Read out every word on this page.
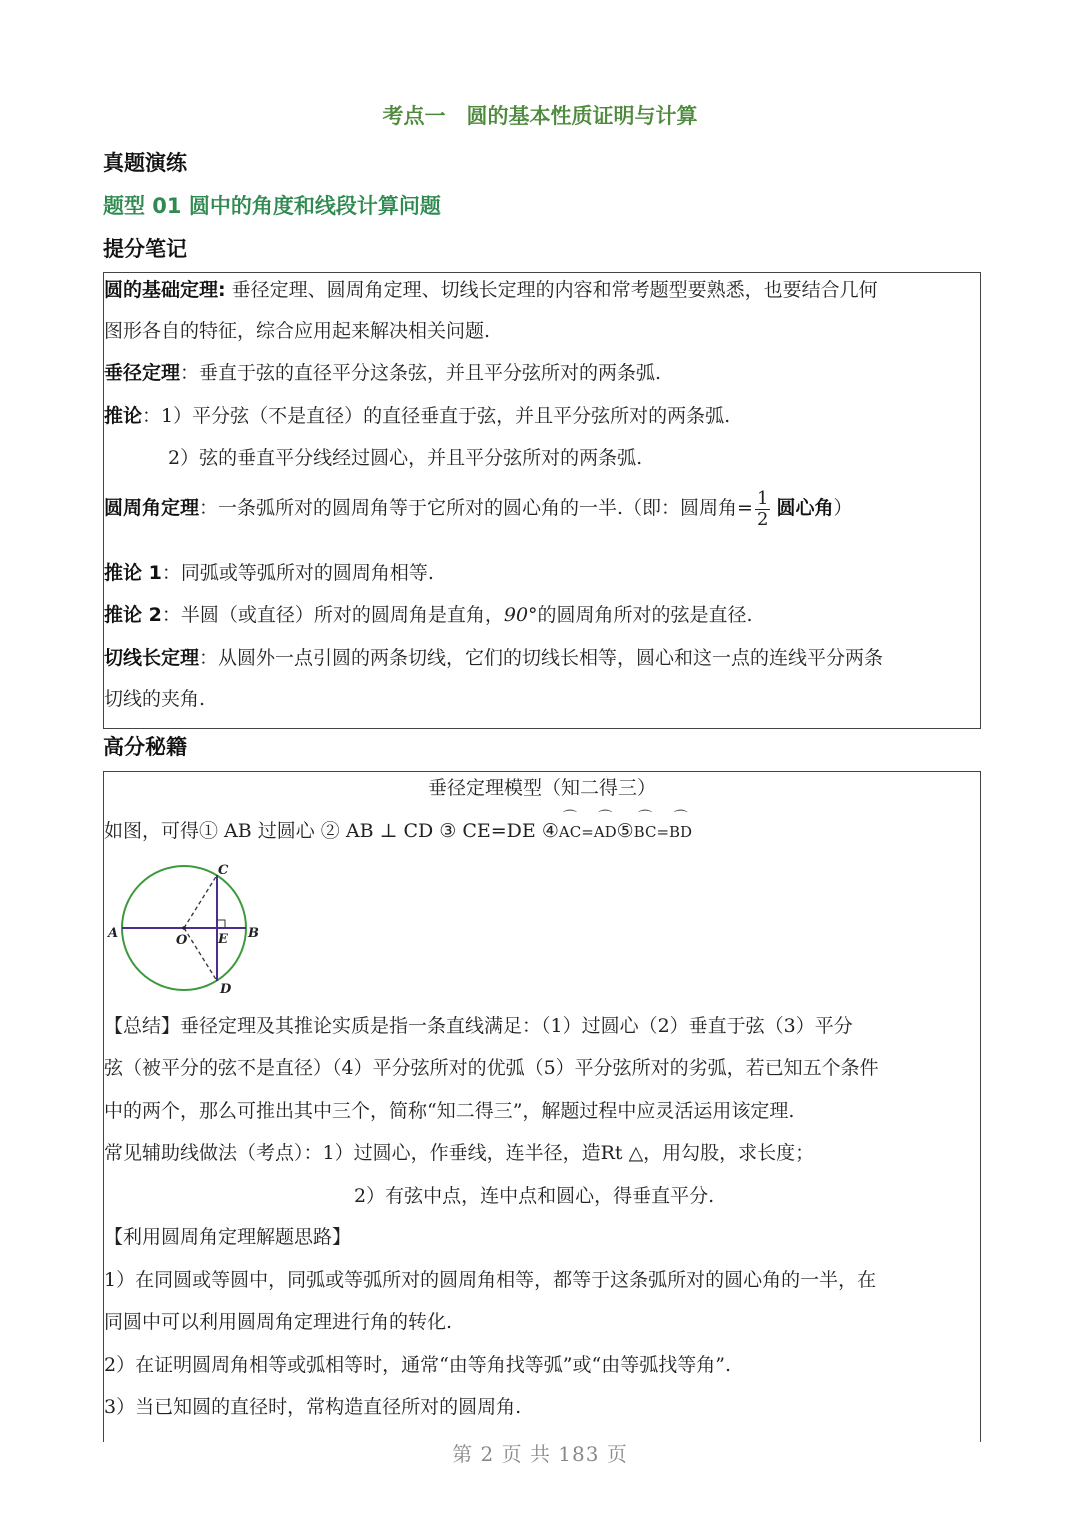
考点一　圆的基本性质证明与计算
真题演练
题型 01 圆中的角度和线段计算问题
提分笔记
圆的基础定理: 垂径定理、圆周角定理、切线长定理的内容和常考题型要熟悉，也要结合几何
图形各自的特征，综合应用起来解决相关问题.
垂径定理：垂直于弦的直径平分这条弦，并且平分弦所对的两条弧.
推论：1）平分弦（不是直径）的直径垂直于弦，并且平分弦所对的两条弧.
2）弦的垂直平分线经过圆心，并且平分弦所对的两条弧.
圆周角定理：一条弧所对的圆周角等于它所对的圆心角的一半.（即：圆周角= $\frac{1}{2}$ 圆心角）
推论 1：同弧或等弧所对的圆周角相等.
推论 2：半圆（或直径）所对的圆周角是直角，90°的圆周角所对的弦是直径.
切线长定理：从圆外一点引圆的两条切线，它们的切线长相等，圆心和这一点的连线平分两条
切线的夹角.
高分秘籍
垂径定理模型（知二得三）
如图，可得① AB 过圆心 ② AB ⊥ CD ③ CE=DE ④⌒ AC=⌒ AD⑤⌒ BC=⌒ BD
A	B
C
D
O E
【总结】垂径定理及其推论实质是指一条直线满足：（1）过圆心（2）垂直于弦（3）平分
弦（被平分的弦不是直径）（4）平分弦所对的优弧（5）平分弦所对的劣弧，若已知五个条件
中的两个，那么可推出其中三个，简称“知二得三”，解题过程中应灵活运用该定理.
常见辅助线做法（考点）：1）过圆心，作垂线，连半径，造Rt △，用勾股，求长度；
2）有弦中点，连中点和圆心，得垂直平分.
【利用圆周角定理解题思路】
1）在同圆或等圆中，同弧或等弧所对的圆周角相等，都等于这条弧所对的圆心角的一半，在
同圆中可以利用圆周角定理进行角的转化.
2）在证明圆周角相等或弧相等时，通常“由等角找等弧”或“由等弧找等角”.
3）当已知圆的直径时，常构造直径所对的圆周角.
第 2 页 共 183 页
